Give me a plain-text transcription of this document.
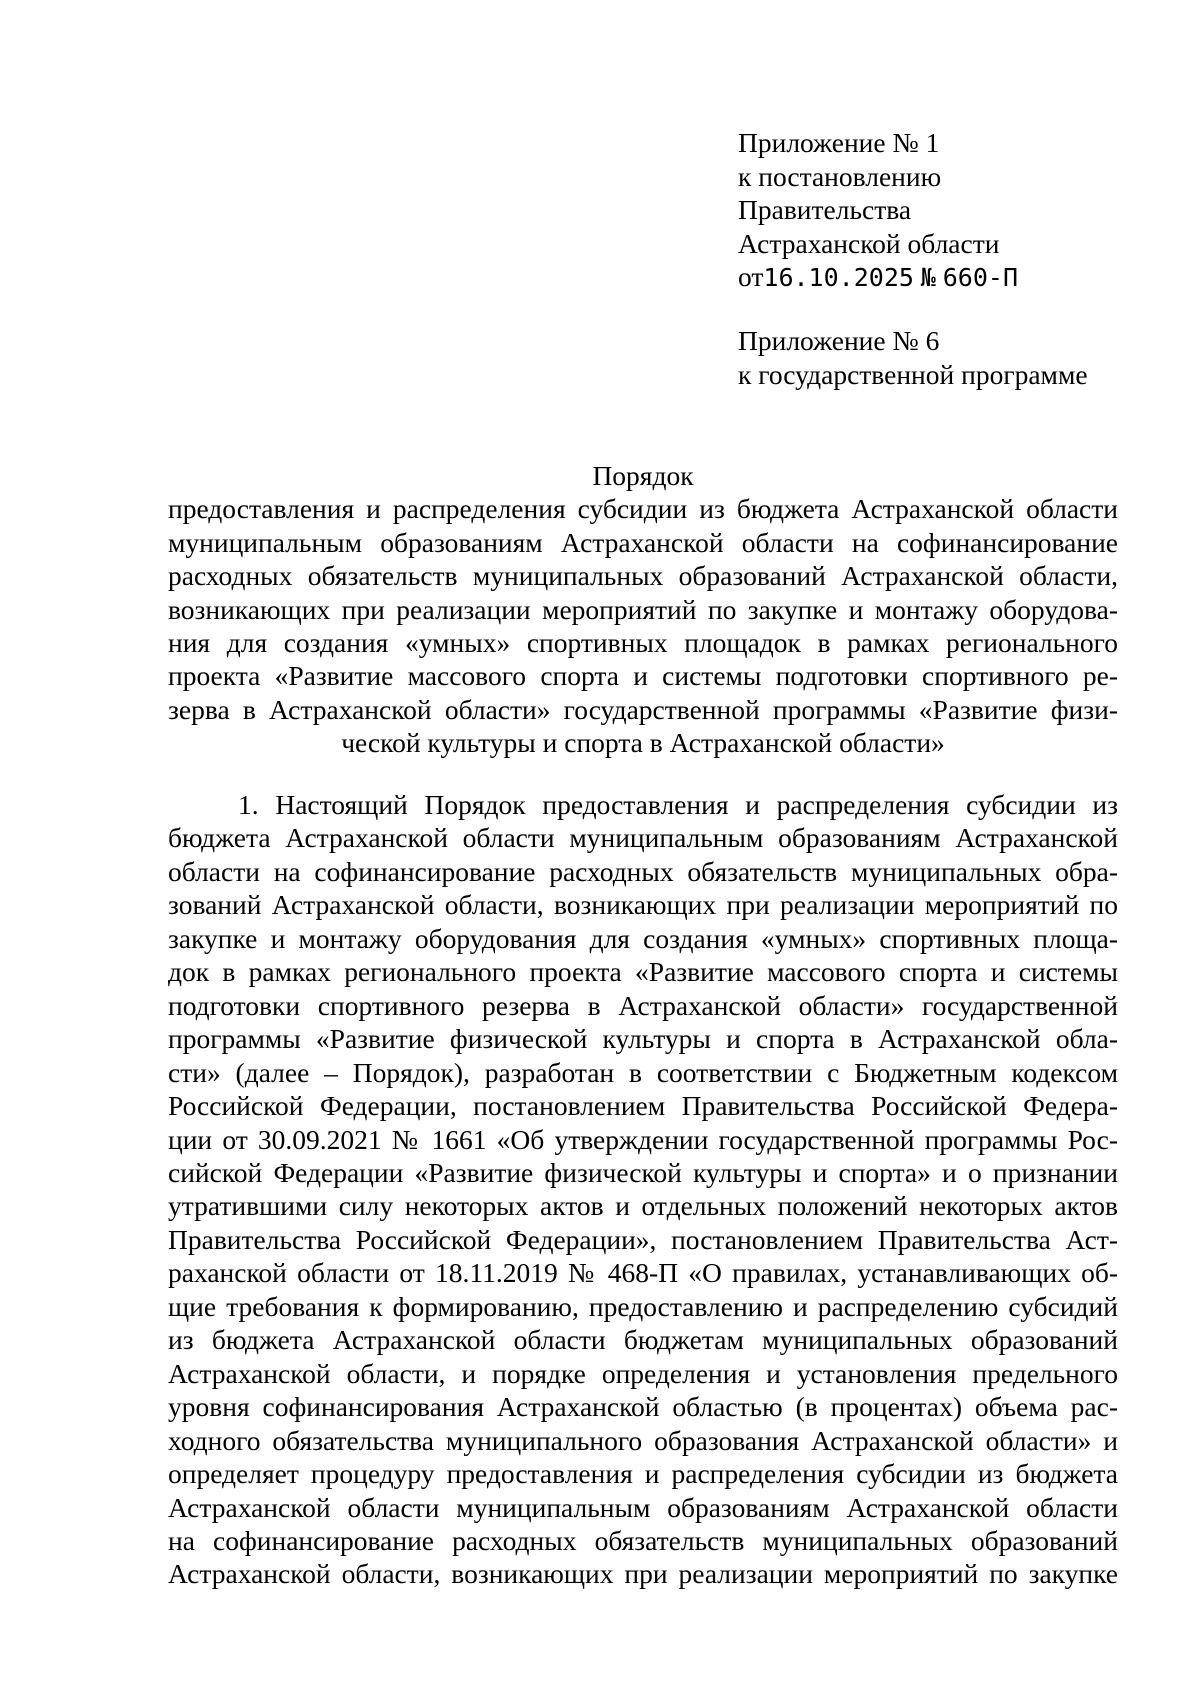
Приложение № 1
к постановлению
Правительства
Астраханской области
от16.10.2025 № 660-П
Приложение № 6
к государственной программе
Порядок
предоставления и распределения субсидии из бюджета Астраханской области
муниципальным образованиям Астраханской области на софинансирование
расходных обязательств муниципальных образований Астраханской области,
возникающих при реализации мероприятий по закупке и монтажу оборудова-
ния для создания «умных» спортивных площадок в рамках регионального
проекта «Развитие массового спорта и системы подготовки спортивного ре-
зерва в Астраханской области» государственной программы «Развитие физи-
ческой культуры и спорта в Астраханской области»
1. Настоящий Порядок предоставления и распределения субсидии из
бюджета Астраханской области муниципальным образованиям Астраханской
области на софинансирование расходных обязательств муниципальных обра-
зований Астраханской области, возникающих при реализации мероприятий по
закупке и монтажу оборудования для создания «умных» спортивных площа-
док в рамках регионального проекта «Развитие массового спорта и системы
подготовки спортивного резерва в Астраханской области» государственной
программы «Развитие физической культуры и спорта в Астраханской обла-
сти» (далее – Порядок), разработан в соответствии с Бюджетным кодексом
Российской Федерации, постановлением Правительства Российской Федера-
ции от 30.09.2021 № 1661 «Об утверждении государственной программы Рос-
сийской Федерации «Развитие физической культуры и спорта» и о признании
утратившими силу некоторых актов и отдельных положений некоторых актов
Правительства Российской Федерации», постановлением Правительства Аст-
раханской области от 18.11.2019 № 468-П «О правилах, устанавливающих об-
щие требования к формированию, предоставлению и распределению субсидий
из бюджета Астраханской области бюджетам муниципальных образований
Астраханской области, и порядке определения и установления предельного
уровня софинансирования Астраханской областью (в процентах) объема рас-
ходного обязательства муниципального образования Астраханской области» и
определяет процедуру предоставления и распределения субсидии из бюджета
Астраханской области муниципальным образованиям Астраханской области
на софинансирование расходных обязательств муниципальных образований
Астраханской области, возникающих при реализации мероприятий по закупке
